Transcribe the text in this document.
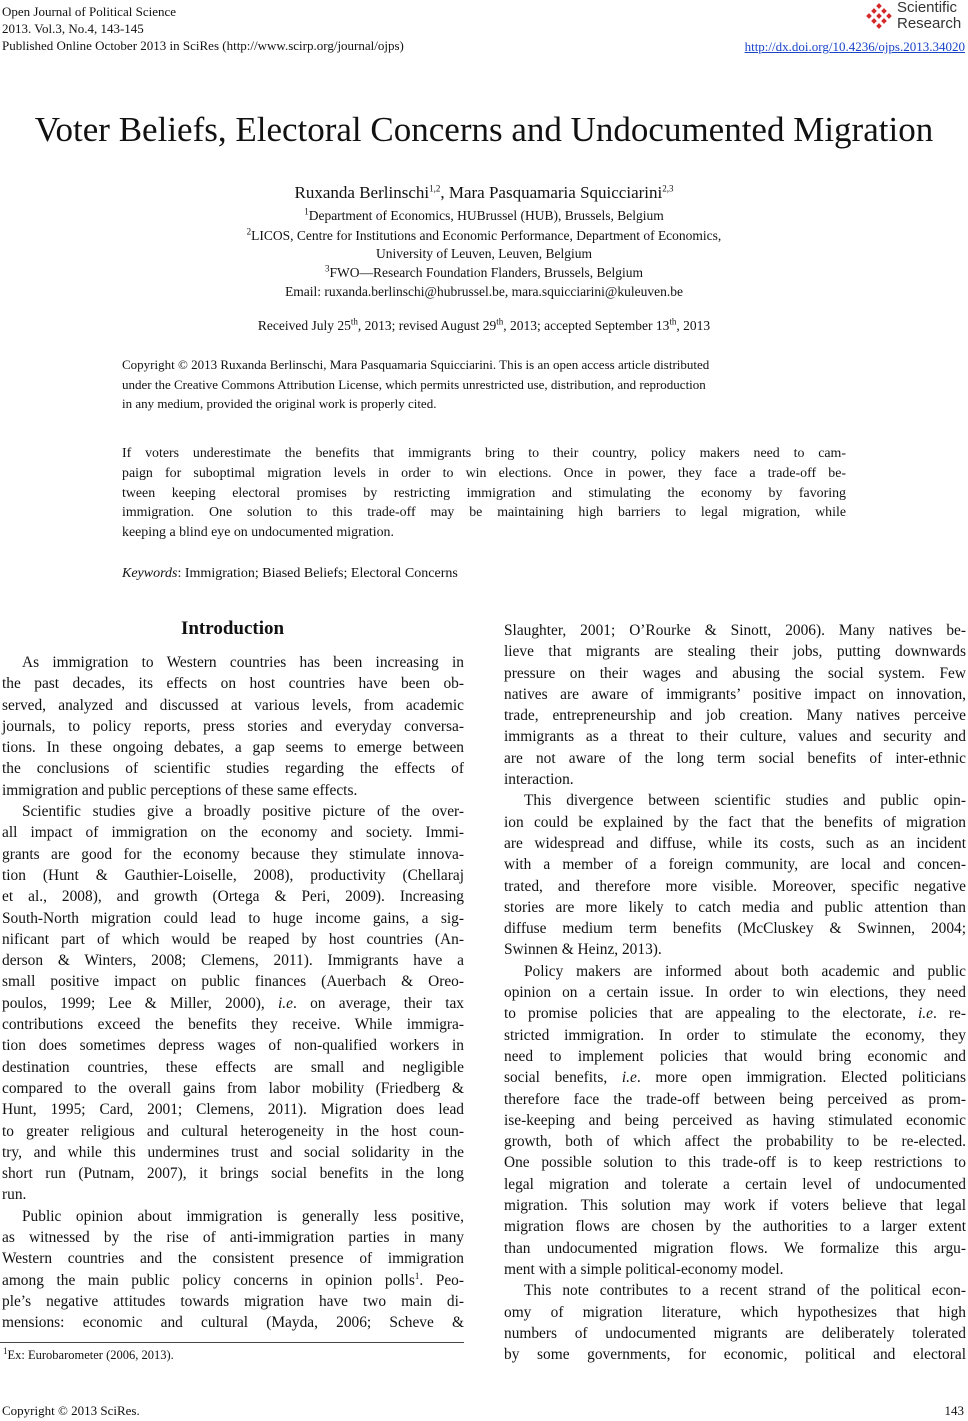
Open Journal of Political Science
2013. Vol.3, No.4, 143-145
Published Online October 2013 in SciRes (http://www.scirp.org/journal/ojps)
Scientific
Research
http://dx.doi.org/10.4236/ojps.2013.34020
Voter Beliefs, Electoral Concerns and Undocumented Migration
Ruxanda Berlinschi$^{1,2}$, Mara Pasquamaria Squicciarini$^{2,3}$
$^1$Department of Economics, HUBrussel (HUB), Brussels, Belgium
$^2$LICOS, Centre for Institutions and Economic Performance, Department of Economics,
University of Leuven, Leuven, Belgium
$^3$FWO—Research Foundation Flanders, Brussels, Belgium
Email: ruxanda.berlinschi@hubrussel.be, mara.squicciarini@kuleuven.be
Received July 25th, 2013; revised August 29th, 2013; accepted September 13th, 2013
Copyright © 2013 Ruxanda Berlinschi, Mara Pasquamaria Squicciarini. This is an open access article distributed
under the Creative Commons Attribution License, which permits unrestricted use, distribution, and reproduction
in any medium, provided the original work is properly cited.
If voters underestimate the benefits that immigrants bring to their country, policy makers need to cam-
paign for suboptimal migration levels in order to win elections. Once in power, they face a trade-off be-
tween keeping electoral promises by restricting immigration and stimulating the economy by favoring
immigration. One solution to this trade-off may be maintaining high barriers to legal migration, while
keeping a blind eye on undocumented migration.
Keywords: Immigration; Biased Beliefs; Electoral Concerns
Introduction
As immigration to Western countries has been increasing in
the past decades, its effects on host countries have been ob-
served, analyzed and discussed at various levels, from academic
journals, to policy reports, press stories and everyday conversa-
tions. In these ongoing debates, a gap seems to emerge between
the conclusions of scientific studies regarding the effects of
immigration and public perceptions of these same effects.
Scientific studies give a broadly positive picture of the over-
all impact of immigration on the economy and society. Immi-
grants are good for the economy because they stimulate innova-
tion (Hunt & Gauthier-Loiselle, 2008), productivity (Chellaraj
et al., 2008), and growth (Ortega & Peri, 2009). Increasing
South-North migration could lead to huge income gains, a sig-
nificant part of which would be reaped by host countries (An-
derson & Winters, 2008; Clemens, 2011). Immigrants have a
small positive impact on public finances (Auerbach & Oreo-
poulos, 1999; Lee & Miller, 2000), i.e. on average, their tax
contributions exceed the benefits they receive. While immigra-
tion does sometimes depress wages of non-qualified workers in
destination countries, these effects are small and negligible
compared to the overall gains from labor mobility (Friedberg &
Hunt, 1995; Card, 2001; Clemens, 2011). Migration does lead
to greater religious and cultural heterogeneity in the host coun-
try, and while this undermines trust and social solidarity in the
short run (Putnam, 2007), it brings social benefits in the long
run.
Public opinion about immigration is generally less positive,
as witnessed by the rise of anti-immigration parties in many
Western countries and the consistent presence of immigration
among the main public policy concerns in opinion polls$^1$. Peo-
ple’s negative attitudes towards migration have two main di-
mensions: economic and cultural (Mayda, 2006; Scheve &
Slaughter, 2001; O’Rourke & Sinott, 2006). Many natives be-
lieve that migrants are stealing their jobs, putting downwards
pressure on their wages and abusing the social system. Few
natives are aware of immigrants’ positive impact on innovation,
trade, entrepreneurship and job creation. Many natives perceive
immigrants as a threat to their culture, values and security and
are not aware of the long term social benefits of inter-ethnic
interaction.
This divergence between scientific studies and public opin-
ion could be explained by the fact that the benefits of migration
are widespread and diffuse, while its costs, such as an incident
with a member of a foreign community, are local and concen-
trated, and therefore more visible. Moreover, specific negative
stories are more likely to catch media and public attention than
diffuse medium term benefits (McCluskey & Swinnen, 2004;
Swinnen & Heinz, 2013).
Policy makers are informed about both academic and public
opinion on a certain issue. In order to win elections, they need
to promise policies that are appealing to the electorate, i.e. re-
stricted immigration. In order to stimulate the economy, they
need to implement policies that would bring economic and
social benefits, i.e. more open immigration. Elected politicians
therefore face the trade-off between being perceived as prom-
ise-keeping and being perceived as having stimulated economic
growth, both of which affect the probability to be re-elected.
One possible solution to this trade-off is to keep restrictions to
legal migration and tolerate a certain level of undocumented
migration. This solution may work if voters believe that legal
migration flows are chosen by the authorities to a larger extent
than undocumented migration flows. We formalize this argu-
ment with a simple political-economy model.
This note contributes to a recent strand of the political econ-
omy of migration literature, which hypothesizes that high
numbers of undocumented migrants are deliberately tolerated
by some governments, for economic, political and electoral
$^1$Ex: Eurobarometer (2006, 2013).
Copyright © 2013 SciRes.	143
